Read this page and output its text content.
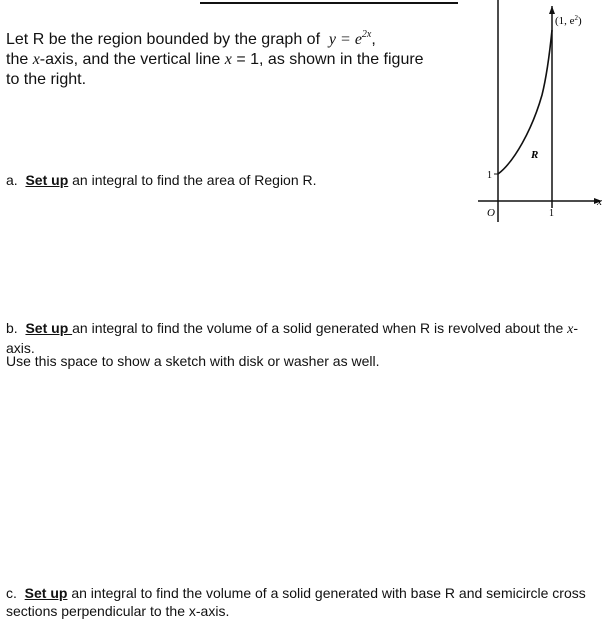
Let R be the region bounded by the graph of $y = e^{2x}$,
the x-axis, and the vertical line x = 1, as shown in the figure
to the right.
a. Set up an integral to find the area of Region R.
b. Set up an integral to find the volume of a solid generated when R is revolved about the x-axis.
Use this space to show a sketch with disk or washer as well.
c. Set up an integral to find the volume of a solid generated with base R and semicircle cross sections perpendicular to the x-axis.
(1, $e^2$)
R
1
1
O
x
